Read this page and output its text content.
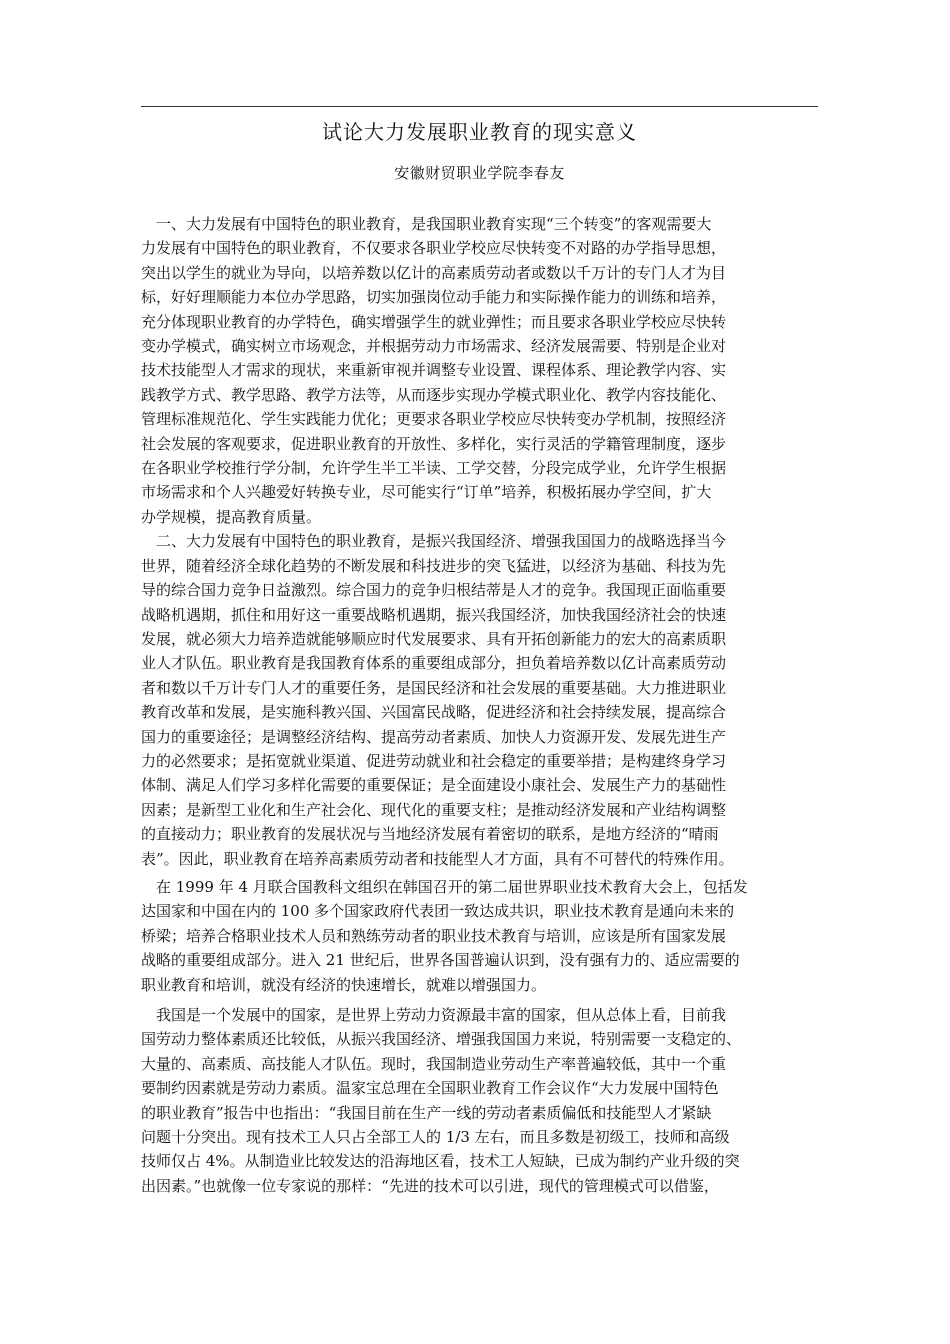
试论大力发展职业教育的现实意义
安徽财贸职业学院李春友

　一、大力发展有中国特色的职业教育，是我国职业教育实现“三个转变”的客观需要大
力发展有中国特色的职业教育，不仅要求各职业学校应尽快转变不对路的办学指导思想，
突出以学生的就业为导向，以培养数以亿计的高素质劳动者或数以千万计的专门人才为目
标，好好理顺能力本位办学思路，切实加强岗位动手能力和实际操作能力的训练和培养，
充分体现职业教育的办学特色，确实增强学生的就业弹性；而且要求各职业学校应尽快转
变办学模式，确实树立市场观念，并根据劳动力市场需求、经济发展需要、特别是企业对
技术技能型人才需求的现状，来重新审视并调整专业设置、课程体系、理论教学内容、实
践教学方式、教学思路、教学方法等，从而逐步实现办学模式职业化、教学内容技能化、
管理标准规范化、学生实践能力优化；更要求各职业学校应尽快转变办学机制，按照经济
社会发展的客观要求，促进职业教育的开放性、多样化，实行灵活的学籍管理制度，逐步
在各职业学校推行学分制，允许学生半工半读、工学交替，分段完成学业，允许学生根据
市场需求和个人兴趣爱好转换专业，尽可能实行“订单”培养，积极拓展办学空间，扩大
办学规模，提高教育质量。

　二、大力发展有中国特色的职业教育，是振兴我国经济、增强我国国力的战略选择当今
世界，随着经济全球化趋势的不断发展和科技进步的突飞猛进，以经济为基础、科技为先
导的综合国力竞争日益激烈。综合国力的竞争归根结蒂是人才的竞争。我国现正面临重要
战略机遇期，抓住和用好这一重要战略机遇期，振兴我国经济，加快我国经济社会的快速
发展，就必须大力培养造就能够顺应时代发展要求、具有开拓创新能力的宏大的高素质职
业人才队伍。职业教育是我国教育体系的重要组成部分，担负着培养数以亿计高素质劳动
者和数以千万计专门人才的重要任务，是国民经济和社会发展的重要基础。大力推进职业
教育改革和发展，是实施科教兴国、兴国富民战略，促进经济和社会持续发展，提高综合
国力的重要途径；是调整经济结构、提高劳动者素质、加快人力资源开发、发展先进生产
力的必然要求；是拓宽就业渠道、促进劳动就业和社会稳定的重要举措；是构建终身学习
体制、满足人们学习多样化需要的重要保证；是全面建设小康社会、发展生产力的基础性
因素；是新型工业化和生产社会化、现代化的重要支柱；是推动经济发展和产业结构调整
的直接动力；职业教育的发展状况与当地经济发展有着密切的联系，是地方经济的“晴雨
表”。因此，职业教育在培养高素质劳动者和技能型人才方面，具有不可替代的特殊作用。

　在 1999 年 4 月联合国教科文组织在韩国召开的第二届世界职业技术教育大会上，包括发
达国家和中国在内的 100 多个国家政府代表团一致达成共识，职业技术教育是通向未来的
桥梁；培养合格职业技术人员和熟练劳动者的职业技术教育与培训，应该是所有国家发展
战略的重要组成部分。进入 21 世纪后，世界各国普遍认识到，没有强有力的、适应需要的
职业教育和培训，就没有经济的快速增长，就难以增强国力。

　我国是一个发展中的国家，是世界上劳动力资源最丰富的国家，但从总体上看，目前我
国劳动力整体素质还比较低，从振兴我国经济、增强我国国力来说，特别需要一支稳定的、
大量的、高素质、高技能人才队伍。现时，我国制造业劳动生产率普遍较低，其中一个重
要制约因素就是劳动力素质。温家宝总理在全国职业教育工作会议作“大力发展中国特色
的职业教育”报告中也指出：“我国目前在生产一线的劳动者素质偏低和技能型人才紧缺
问题十分突出。现有技术工人只占全部工人的 1/3 左右，而且多数是初级工，技师和高级
技师仅占 4%。从制造业比较发达的沿海地区看，技术工人短缺，已成为制约产业升级的突
出因素。”也就像一位专家说的那样：“先进的技术可以引进，现代的管理模式可以借鉴，
